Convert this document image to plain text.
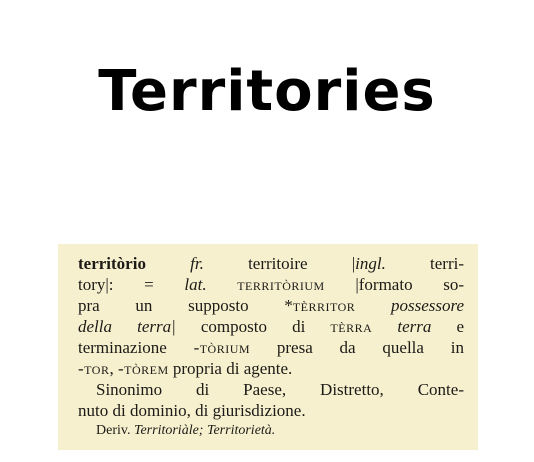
Territories
territòrio	fr. territoire |ingl. terri-
tory|: = lat. territòrium |formato so-
pra un supposto *tèrritor possessore
della terra| composto di tèrra terra e
terminazione -tòrium presa da quella in
-tor, -tòrem propria di agente.
Sinonimo di Paese, Distretto, Conte-
nuto di dominio, di giurisdizione.
Deriv. Territoriàle; Territorietà.
